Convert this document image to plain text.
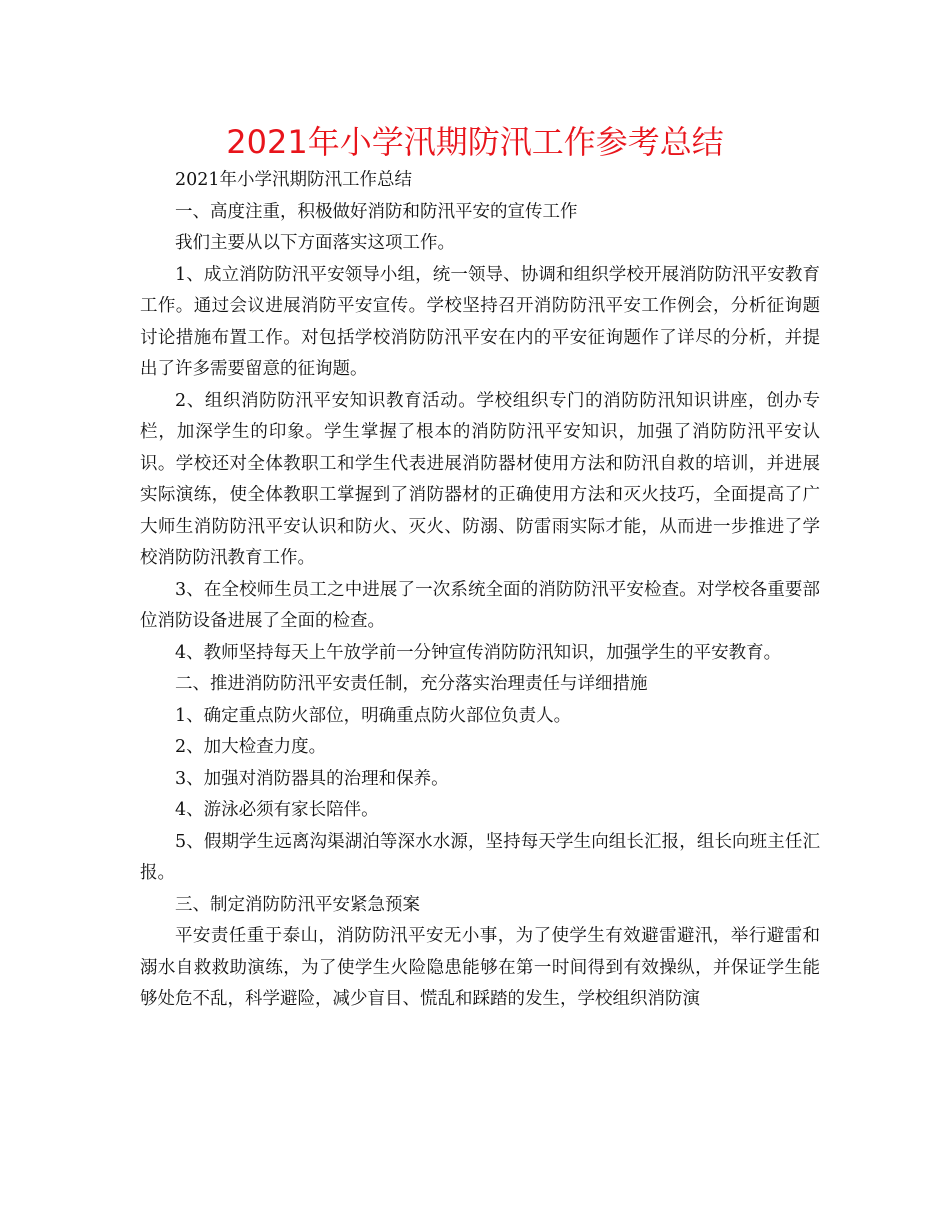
2021年小学汛期防汛工作参考总结

2021年小学汛期防汛工作总结

一、高度注重，积极做好消防和防汛平安的宣传工作

我们主要从以下方面落实这项工作。

1、成立消防防汛平安领导小组，统一领导、协调和组织学校开展消防防汛平安教育工作。通过会议进展消防平安宣传。学校坚持召开消防防汛平安工作例会，分析征询题讨论措施布置工作。对包括学校消防防汛平安在内的平安征询题作了详尽的分析，并提出了许多需要留意的征询题。

2、组织消防防汛平安知识教育活动。学校组织专门的消防防汛知识讲座，创办专栏，加深学生的印象。学生掌握了根本的消防防汛平安知识，加强了消防防汛平安认识。学校还对全体教职工和学生代表进展消防器材使用方法和防汛自救的培训，并进展实际演练，使全体教职工掌握到了消防器材的正确使用方法和灭火技巧，全面提高了广大师生消防防汛平安认识和防火、灭火、防溺、防雷雨实际才能，从而进一步推进了学校消防防汛教育工作。

3、在全校师生员工之中进展了一次系统全面的消防防汛平安检查。对学校各重要部位消防设备进展了全面的检查。

4、教师坚持每天上午放学前一分钟宣传消防防汛知识，加强学生的平安教育。

二、推进消防防汛平安责任制，充分落实治理责任与详细措施

1、确定重点防火部位，明确重点防火部位负责人。

2、加大检查力度。

3、加强对消防器具的治理和保养。

4、游泳必须有家长陪伴。

5、假期学生远离沟渠湖泊等深水水源，坚持每天学生向组长汇报，组长向班主任汇报。

三、制定消防防汛平安紧急预案

平安责任重于泰山，消防防汛平安无小事，为了使学生有效避雷避汛，举行避雷和溺水自救救助演练，为了使学生火险隐患能够在第一时间得到有效操纵，并保证学生能够处危不乱，科学避险，减少盲目、慌乱和踩踏的发生，学校组织消防演
